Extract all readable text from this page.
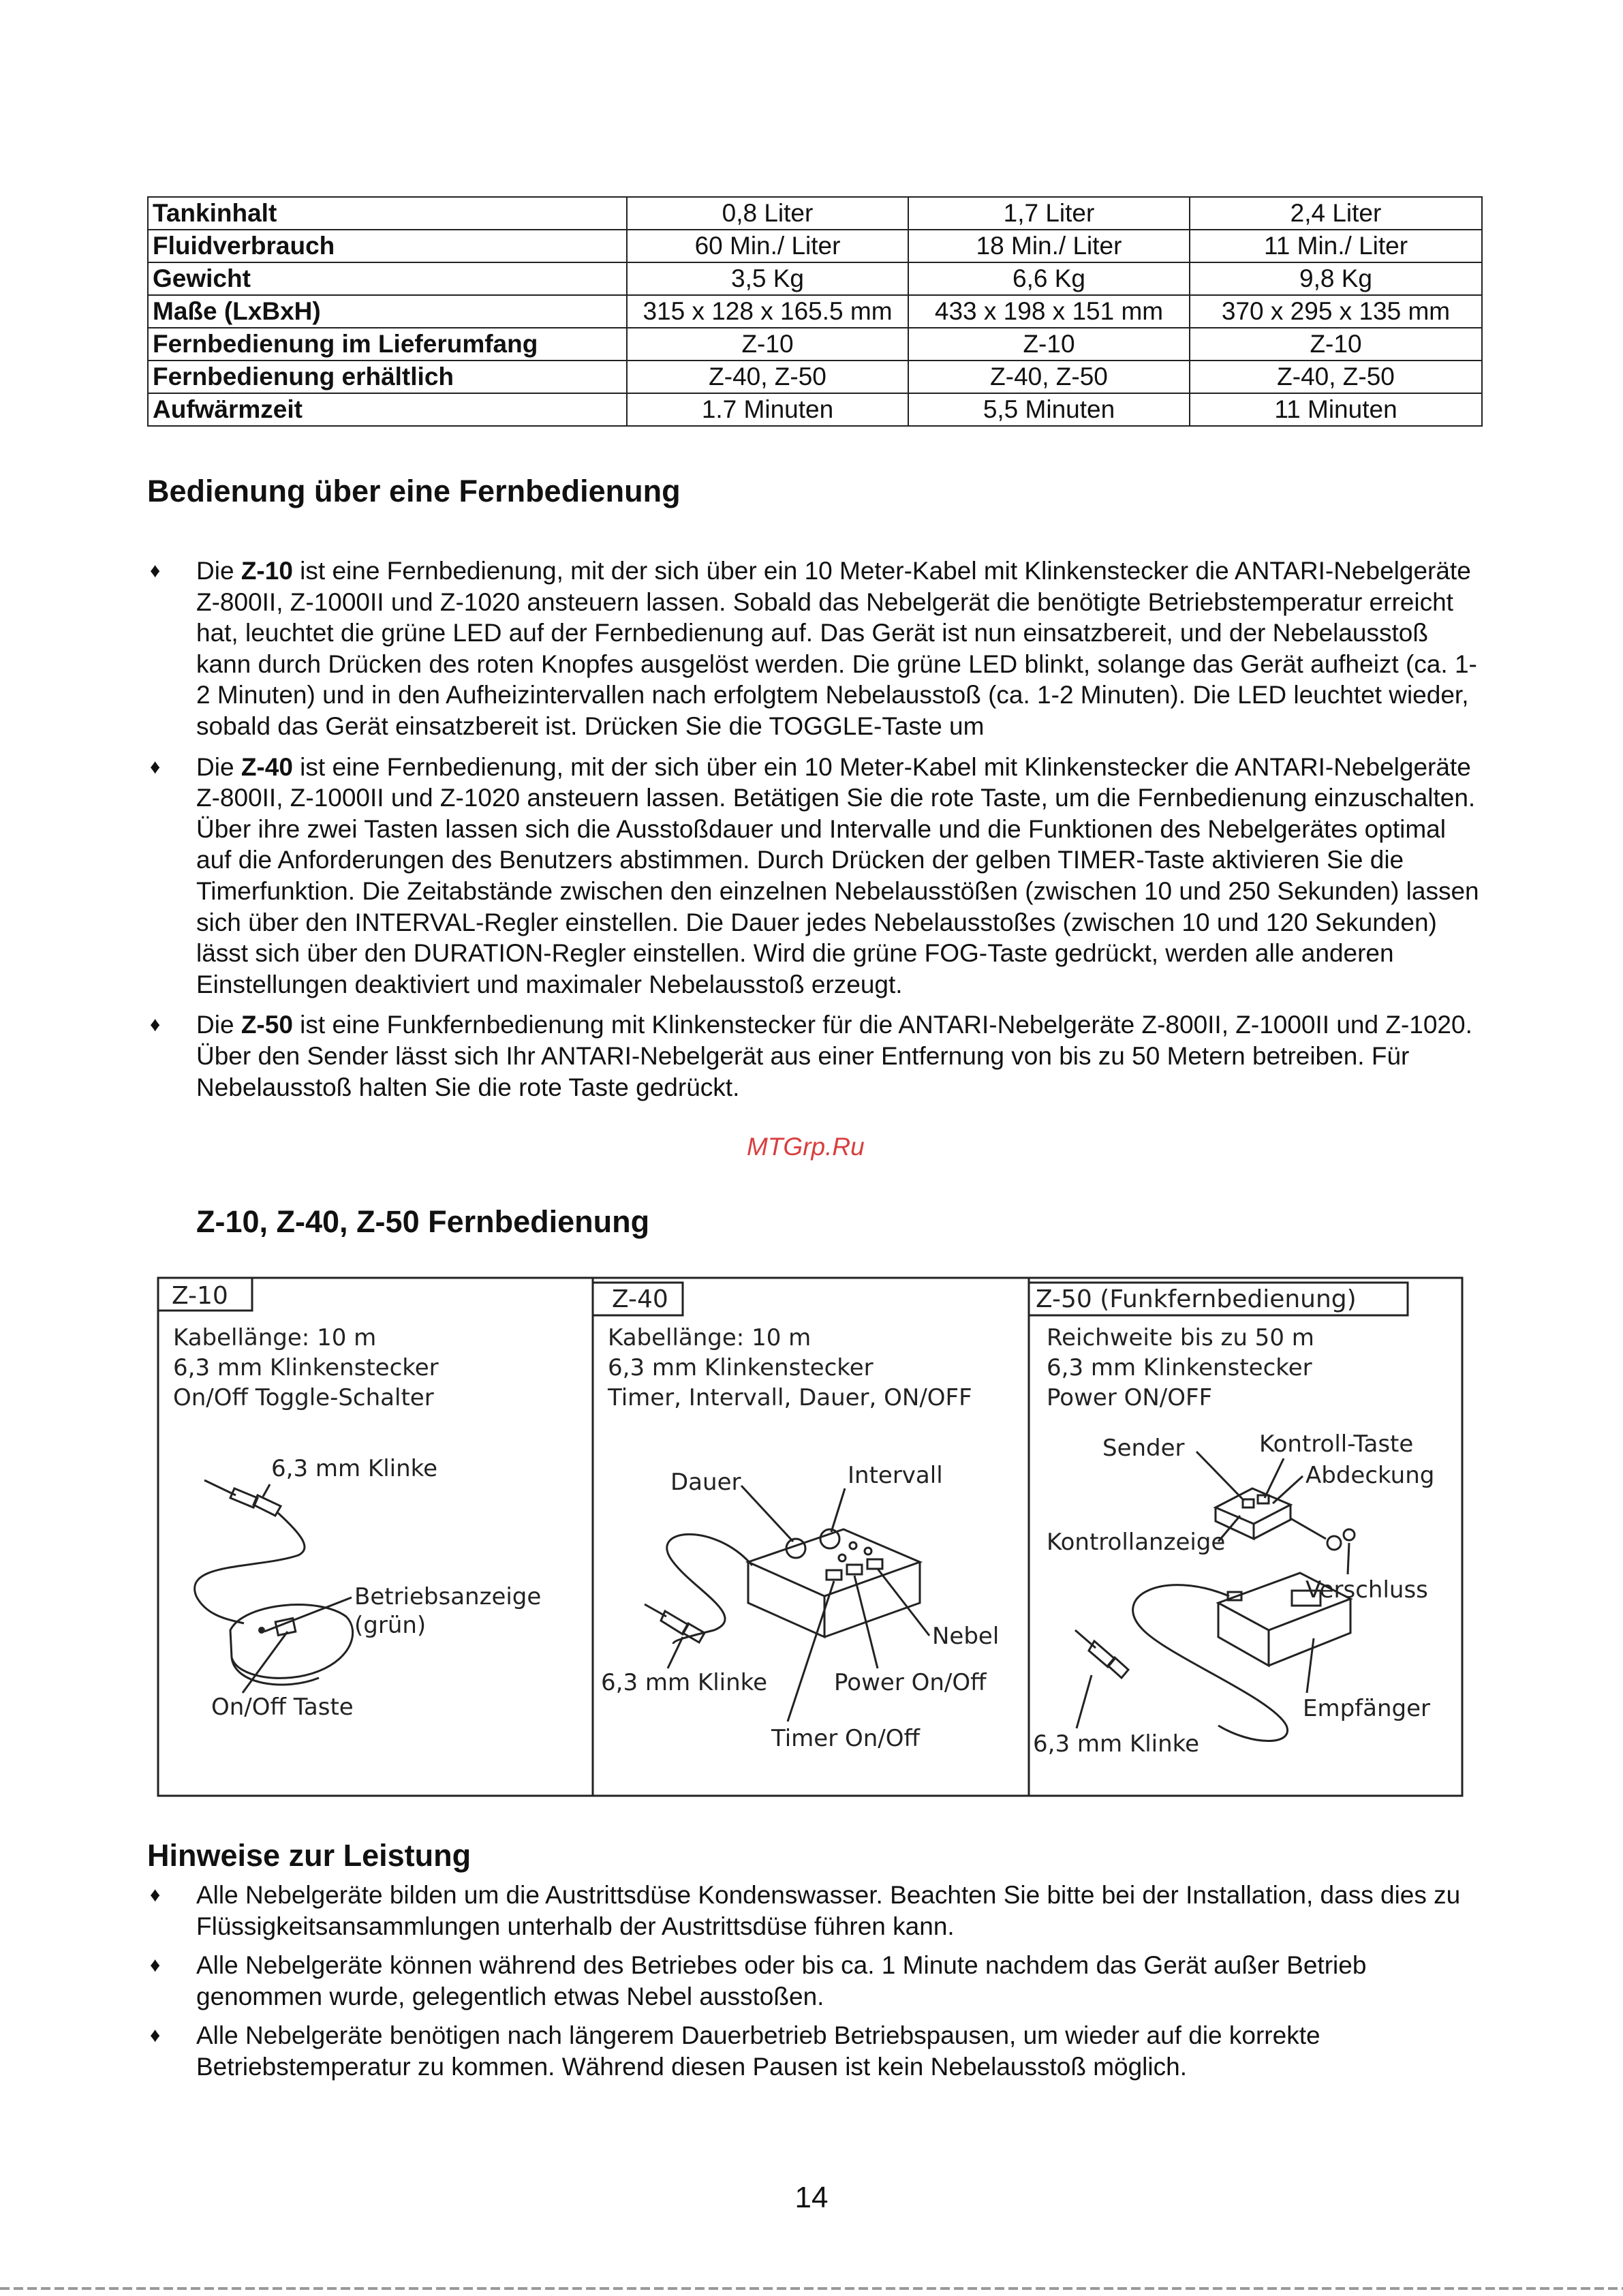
Tankinhalt	0,8 Liter	1,7 Liter	2,4 Liter
Fluidverbrauch	60 Min./ Liter	18 Min./ Liter	11 Min./ Liter
Gewicht	3,5 Kg	6,6 Kg	9,8 Kg
Maße (LxBxH)	315 x 128 x 165.5 mm	433 x 198 x 151 mm	370 x 295 x 135 mm
Fernbedienung im Lieferumfang	Z-10	Z-10	Z-10
Fernbedienung erhältlich	Z-40, Z-50	Z-40, Z-50	Z-40, Z-50
Aufwärmzeit	1.7 Minuten	5,5 Minuten	11 Minuten
Bedienung über eine Fernbedienung
♦ Die Z-10 ist eine Fernbedienung, mit der sich über ein 10 Meter-Kabel mit Klinkenstecker die ANTARI-Nebelgeräte Z-800II, Z-1000II und Z-1020 ansteuern lassen. Sobald das Nebelgerät die benötigte Betriebstemperatur erreicht hat, leuchtet die grüne LED auf der Fernbedienung auf. Das Gerät ist nun einsatzbereit, und der Nebelausstoß kann durch Drücken des roten Knopfes ausgelöst werden. Die grüne LED blinkt, solange das Gerät aufheizt (ca. 1-2 Minuten) und in den Aufheizintervallen nach erfolgtem Nebelausstoß (ca. 1-2 Minuten). Die LED leuchtet wieder, sobald das Gerät einsatzbereit ist. Drücken Sie die TOGGLE-Taste um
♦ Die Z-40 ist eine Fernbedienung, mit der sich über ein 10 Meter-Kabel mit Klinkenstecker die ANTARI-Nebelgeräte Z-800II, Z-1000II und Z-1020 ansteuern lassen. Betätigen Sie die rote Taste, um die Fernbedienung einzuschalten. Über ihre zwei Tasten lassen sich die Ausstoßdauer und Intervalle und die Funktionen des Nebelgerätes optimal auf die Anforderungen des Benutzers abstimmen. Durch Drücken der gelben TIMER-Taste aktivieren Sie die Timerfunktion. Die Zeitabstände zwischen den einzelnen Nebelausstößen (zwischen 10 und 250 Sekunden) lassen sich über den INTERVAL-Regler einstellen. Die Dauer jedes Nebelausstoßes (zwischen 10 und 120 Sekunden) lässt sich über den DURATION-Regler einstellen. Wird die grüne FOG-Taste gedrückt, werden alle anderen Einstellungen deaktiviert und maximaler Nebelausstoß erzeugt.
♦ Die Z-50 ist eine Funkfernbedienung mit Klinkenstecker für die ANTARI-Nebelgeräte Z-800II, Z-1000II und Z-1020. Über den Sender lässt sich Ihr ANTARI-Nebelgerät aus einer Entfernung von bis zu 50 Metern betreiben. Für Nebelausstoß halten Sie die rote Taste gedrückt.
MTGrp.Ru
Z-10, Z-40, Z-50 Fernbedienung
Z-10
Kabellänge: 10 m
6,3 mm Klinkenstecker
On/Off Toggle-Schalter
6,3 mm Klinke
Betriebsanzeige
(grün)
On/Off Taste
Z-40
Kabellänge: 10 m
6,3 mm Klinkenstecker
Timer, Intervall, Dauer, ON/OFF
Dauer	Intervall
Nebel
6,3 mm Klinke	Power On/Off
Timer On/Off
Z-50 (Funkfernbedienung)
Reichweite bis zu 50 m
6,3 mm Klinkenstecker
Power ON/OFF
Sender	Kontroll-Taste
Abdeckung
Kontrollanzeige
Verschluss
Empfänger
6,3 mm Klinke
Hinweise zur Leistung
♦ Alle Nebelgeräte bilden um die Austrittsdüse Kondenswasser. Beachten Sie bitte bei der Installation, dass dies zu Flüssigkeitsansammlungen unterhalb der Austrittsdüse führen kann.
♦ Alle Nebelgeräte können während des Betriebes oder bis ca. 1 Minute nachdem das Gerät außer Betrieb genommen wurde, gelegentlich etwas Nebel ausstoßen.
♦ Alle Nebelgeräte benötigen nach längerem Dauerbetrieb Betriebspausen, um wieder auf die korrekte Betriebstemperatur zu kommen. Während diesen Pausen ist kein Nebelausstoß möglich.
14
